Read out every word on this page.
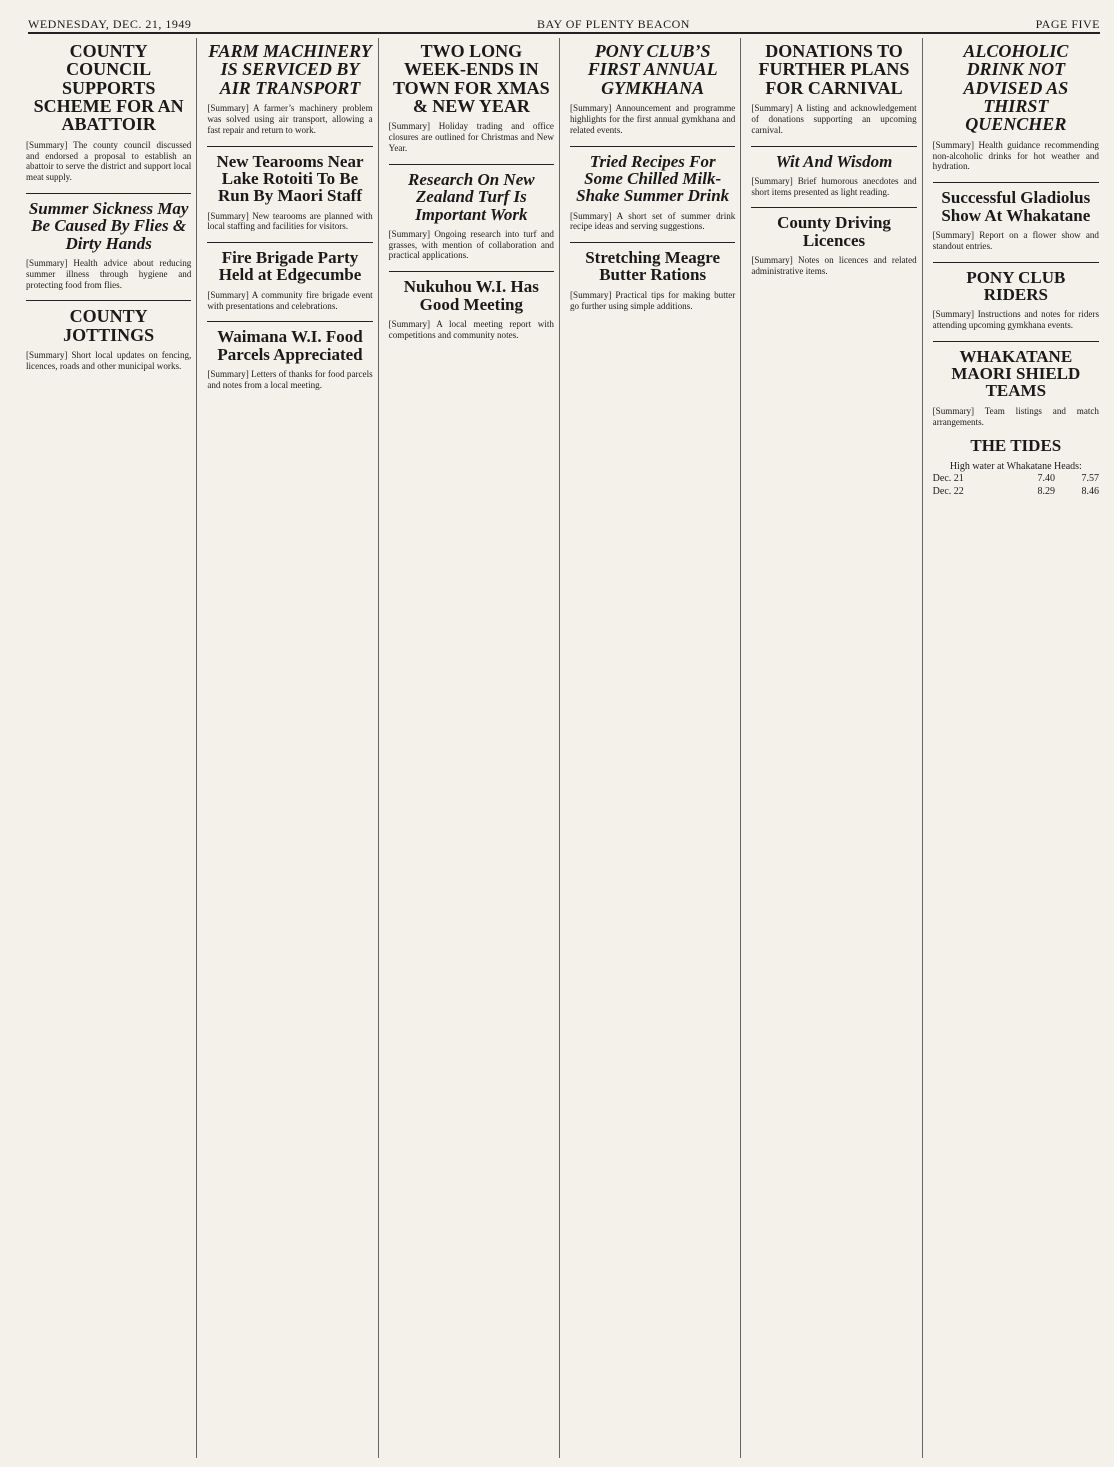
WEDNESDAY, DEC. 21, 1949	BAY OF PLENTY BEACON	PAGE FIVE
COUNTY COUNCIL SUPPORTS SCHEME FOR AN ABATTOIR
[Summary] The county council discussed and endorsed a proposal to establish an abattoir to serve the district and support local meat supply.
Summer Sickness May Be Caused By Flies & Dirty Hands
[Summary] Health advice about reducing summer illness through hygiene and protecting food from flies.
COUNTY JOTTINGS
[Summary] Short local updates on fencing, licences, roads and other municipal works.
FARM MACHINERY IS SERVICED BY AIR TRANSPORT
[Summary] A farmer’s machinery problem was solved using air transport, allowing a fast repair and return to work.
New Tearooms Near Lake Rotoiti To Be Run By Maori Staff
[Summary] New tearooms are planned with local staffing and facilities for visitors.
Fire Brigade Party Held at Edgecumbe
[Summary] A community fire brigade event with presentations and celebrations.
Waimana W.I. Food Parcels Appreciated
[Summary] Letters of thanks for food parcels and notes from a local meeting.
TWO LONG WEEK-ENDS IN TOWN FOR XMAS & NEW YEAR
[Summary] Holiday trading and office closures are outlined for Christmas and New Year.
Research On New Zealand Turf Is Important Work
[Summary] Ongoing research into turf and grasses, with mention of collaboration and practical applications.
Nukuhou W.I. Has Good Meeting
[Summary] A local meeting report with competitions and community notes.
PONY CLUB’S FIRST ANNUAL GYMKHANA
[Summary] Announcement and programme highlights for the first annual gymkhana and related events.
Tried Recipes For Some Chilled Milk-Shake Summer Drink
[Summary] A short set of summer drink recipe ideas and serving suggestions.
Stretching Meagre Butter Rations
[Summary] Practical tips for making butter go further using simple additions.
DONATIONS TO FURTHER PLANS FOR CARNIVAL
[Summary] A listing and acknowledgement of donations supporting an upcoming carnival.
Wit And Wisdom
[Summary] Brief humorous anecdotes and short items presented as light reading.
County Driving Licences
[Summary] Notes on licences and related administrative items.
ALCOHOLIC DRINK NOT ADVISED AS THIRST QUENCHER
[Summary] Health guidance recommending non-alcoholic drinks for hot weather and hydration.
Successful Gladiolus Show At Whakatane
[Summary] Report on a flower show and standout entries.
PONY CLUB RIDERS
[Summary] Instructions and notes for riders attending upcoming gymkhana events.
WHAKATANE MAORI SHIELD TEAMS
[Summary] Team listings and match arrangements.
THE TIDES
High water at Whakatane Heads:
Dec. 21	7.40	7.57
Dec. 22	8.29	8.46
